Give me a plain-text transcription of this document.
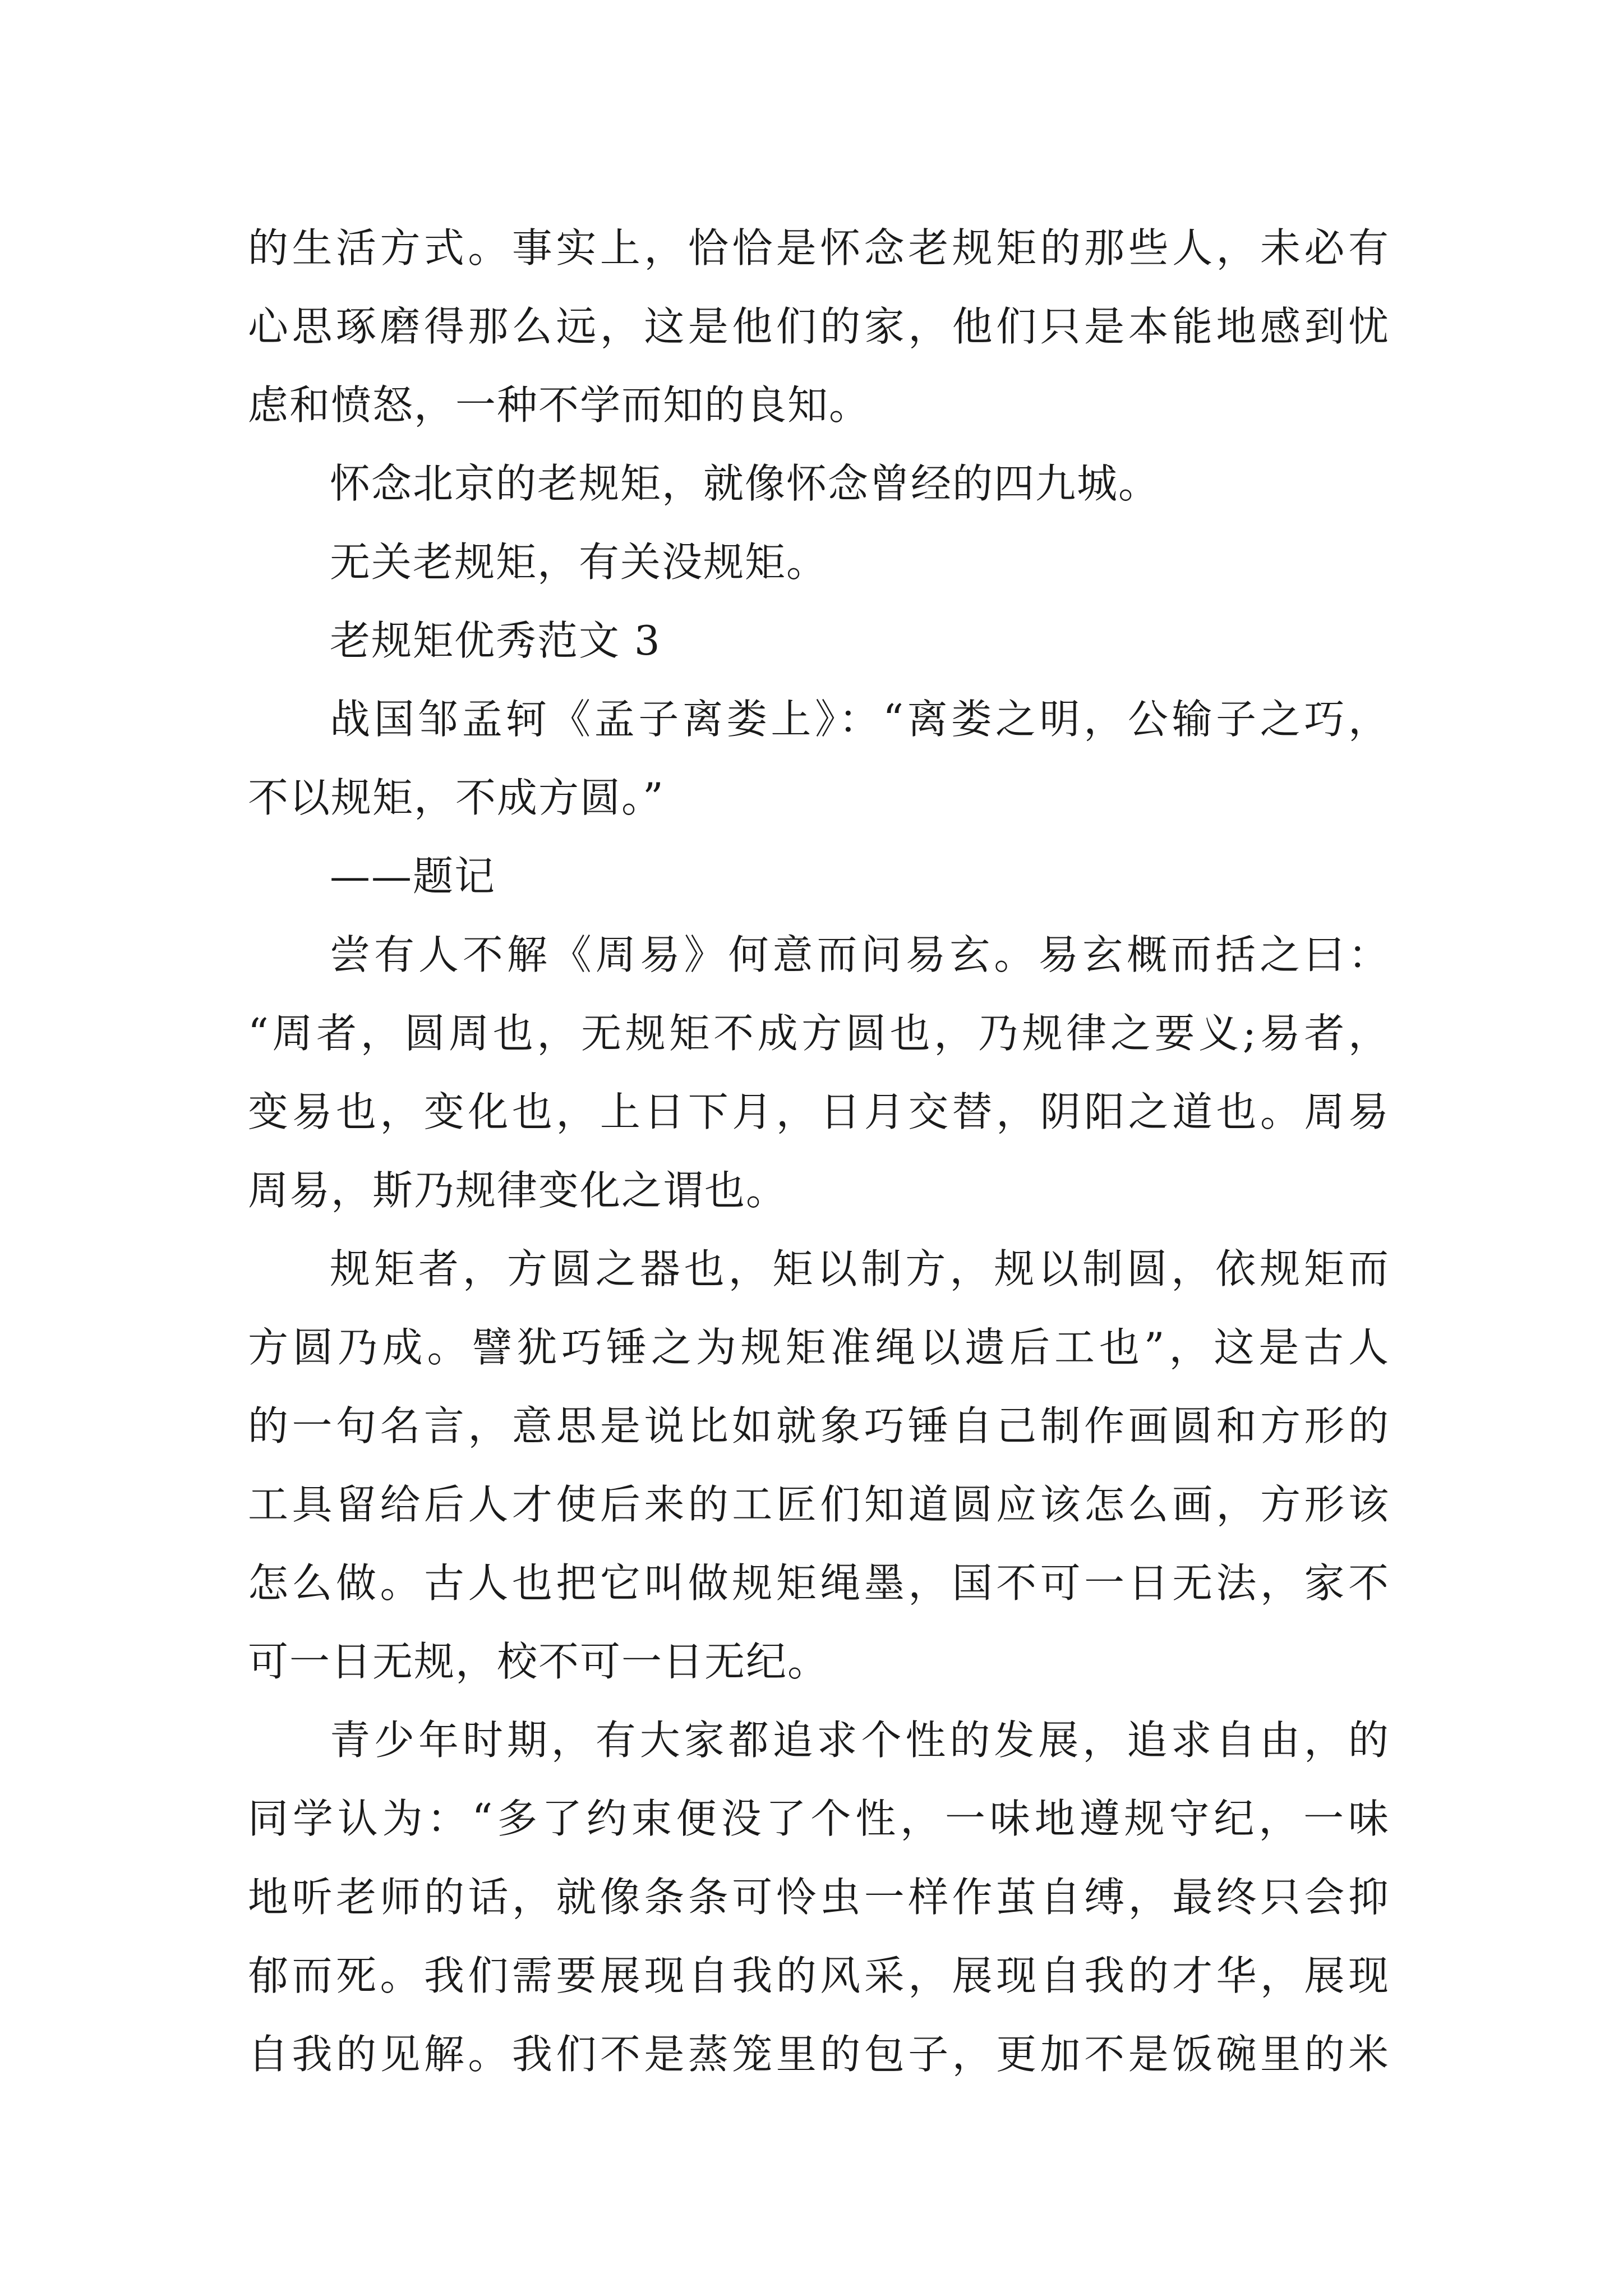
的生活方式。事实上，恰恰是怀念老规矩的那些人，未必有
心思琢磨得那么远，这是他们的家，他们只是本能地感到忧
虑和愤怒，一种不学而知的良知。
怀念北京的老规矩，就像怀念曾经的四九城。
无关老规矩，有关没规矩。
老规矩优秀范文 3
战国邹孟轲《孟子离娄上》：“离娄之明，公输子之巧，
不以规矩，不成方圆。”
——题记
尝有人不解《周易》何意而问易玄。易玄概而括之曰：
“周者，圆周也，无规矩不成方圆也，乃规律之要义;易者，
变易也，变化也，上日下月，日月交替，阴阳之道也。周易
周易，斯乃规律变化之谓也。
规矩者，方圆之器也，矩以制方，规以制圆，依规矩而
方圆乃成。譬犹巧锤之为规矩准绳以遗后工也”，这是古人
的一句名言，意思是说比如就象巧锤自己制作画圆和方形的
工具留给后人才使后来的工匠们知道圆应该怎么画，方形该
怎么做。古人也把它叫做规矩绳墨，国不可一日无法，家不
可一日无规，校不可一日无纪。
青少年时期，有大家都追求个性的发展，追求自由，的
同学认为：“多了约束便没了个性，一味地遵规守纪，一味
地听老师的话，就像条条可怜虫一样作茧自缚，最终只会抑
郁而死。我们需要展现自我的风采，展现自我的才华，展现
自我的见解。我们不是蒸笼里的包子，更加不是饭碗里的米
